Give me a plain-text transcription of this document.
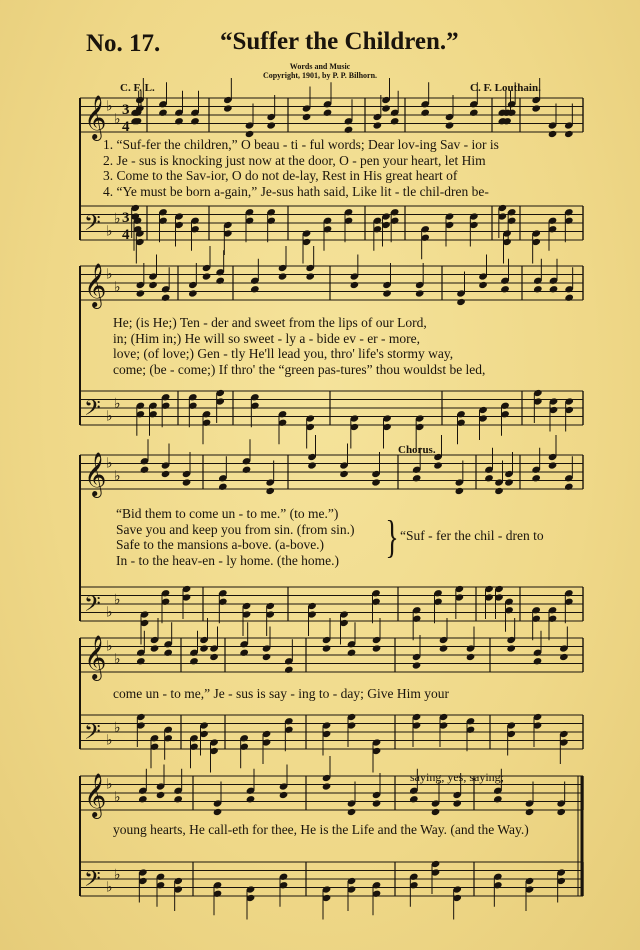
No. 17. “Suffer the Children.”
Words and Music
Copyright, 1901, by P. P. Bilhorn.
C. F. L.	C. F. Louthain.
𝄞 ♭
♭
𝄢 ♭
♭
𝄞 ♭
♭
𝄢 ♭
♭
𝄞 ♭
♭
𝄢 ♭
♭
𝄞 ♭
♭
𝄢 ♭
♭
𝄞 ♭
♭
𝄢 ♭
♭
3
4
3
4
1. “Suf-fer the children,” O beau - ti - ful words; Dear lov-ing Sav - ior is
2. Je - sus is knocking just now at the door, O - pen your heart, let Him
3. Come to the Sav-ior, O do not de-lay, Rest in His great heart of
4. “Ye must be born a-gain,” Je-sus hath said, Like lit - tle chil-dren be-
He; (is He;) Ten - der and sweet from the lips of our Lord,
in; (Him in;) He will so sweet - ly a - bide ev - er - more,
love; (of love;) Gen - tly He'll lead you, thro' life's stormy way,
come; (be - come;) If thro' the “green pas-tures” thou wouldst be led,
Chorus.
“Bid them to come un - to me.” (to me.”)
Save you and keep you from sin. (from sin.)
Safe to the mansions a-bove. (a-bove.)
In - to the heav-en - ly home. (the home.)	} “Suf - fer the chil - dren to
come un - to me,” Je - sus is say - ing to - day; Give Him your
saying, yes, saying;
young hearts, He call-eth for thee, He is the Life and the Way. (and the Way.)
